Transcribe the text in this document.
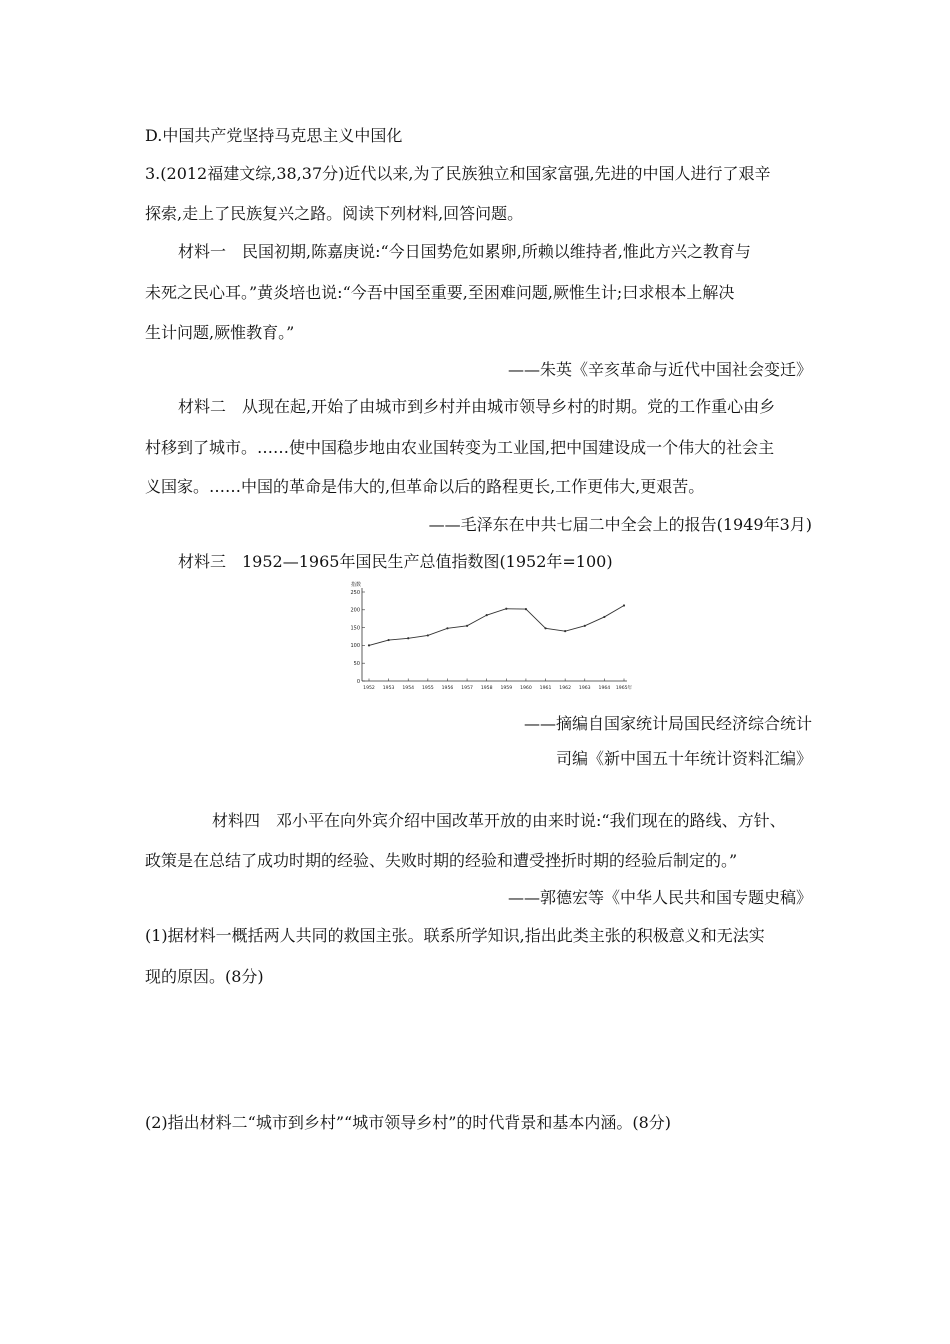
D.中国共产党坚持马克思主义中国化
3.(2012福建文综,38,37分)近代以来,为了民族独立和国家富强,先进的中国人进行了艰辛
探索,走上了民族复兴之路。阅读下列材料,回答问题。
材料一　民国初期,陈嘉庚说:“今日国势危如累卵,所赖以维持者,惟此方兴之教育与
未死之民心耳。”黄炎培也说:“今吾中国至重要,至困难问题,厥惟生计;曰求根本上解决
生计问题,厥惟教育。”
——朱英《辛亥革命与近代中国社会变迁》
材料二　从现在起,开始了由城市到乡村并由城市领导乡村的时期。党的工作重心由乡
村移到了城市。……使中国稳步地由农业国转变为工业国,把中国建设成一个伟大的社会主
义国家。……中国的革命是伟大的,但革命以后的路程更长,工作更伟大,更艰苦。
——毛泽东在中共七届二中全会上的报告(1949年3月)
材料三　1952—1965年国民生产总值指数图(1952年=100)
指数
0
50
100
150
200
250
1952 1953 1954 1955 1956 1957 1958 1959 1960 1961 1962 1963 1964 1965年
——摘编自国家统计局国民经济综合统计
司编《新中国五十年统计资料汇编》
材料四　邓小平在向外宾介绍中国改革开放的由来时说:“我们现在的路线、方针、
政策是在总结了成功时期的经验、失败时期的经验和遭受挫折时期的经验后制定的。”
——郭德宏等《中华人民共和国专题史稿》
(1)据材料一概括两人共同的救国主张。联系所学知识,指出此类主张的积极意义和无法实
现的原因。(8分)
(2)指出材料二“城市到乡村”“城市领导乡村”的时代背景和基本内涵。(8分)
